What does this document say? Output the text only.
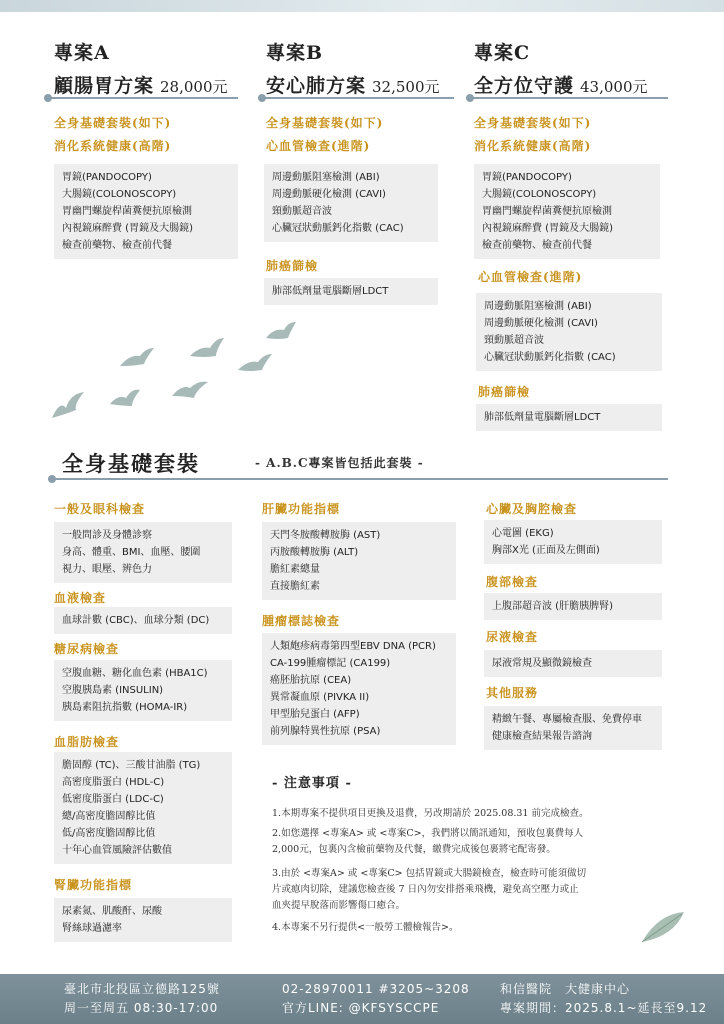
專案A
顧腸胃方案 28,000元
專案B
安心肺方案 32,500元
專案C
全方位守護 43,000元
全身基礎套裝(如下)
消化系統健康(高階)
胃鏡(PANDOCOPY)
大腸鏡(COLONOSCOPY)
胃幽門螺旋桿菌糞便抗原檢測
內視鏡麻醉費 (胃鏡及大腸鏡)
檢查前藥物、檢查前代餐
全身基礎套裝(如下)
心血管檢查(進階)
周邊動脈阻塞檢測 (ABI)
周邊動脈硬化檢測 (CAVI)
頸動脈超音波
心臟冠狀動脈鈣化指數 (CAC)
肺癌篩檢
肺部低劑量電腦斷層LDCT
全身基礎套裝(如下)
消化系統健康(高階)
胃鏡(PANDOCOPY)
大腸鏡(COLONOSCOPY)
胃幽門螺旋桿菌糞便抗原檢測
內視鏡麻醉費 (胃鏡及大腸鏡)
檢查前藥物、檢查前代餐
心血管檢查(進階)
周邊動脈阻塞檢測 (ABI)
周邊動脈硬化檢測 (CAVI)
頸動脈超音波
心臟冠狀動脈鈣化指數 (CAC)
肺癌篩檢
肺部低劑量電腦斷層LDCT
全身基礎套裝	- A.B.C專案皆包括此套裝 -
一般及眼科檢查
一般問診及身體診察
身高、體重、BMI、血壓、腰圍
視力、眼壓、辨色力
血液檢查
血球計數 (CBC)、血球分類 (DC)
糖尿病檢查
空腹血糖、糖化血色素 (HBA1C)
空腹胰島素 (INSULIN)
胰島素阻抗指數 (HOMA-IR)
血脂肪檢查
膽固醇 (TC)、三酸甘油脂 (TG)
高密度脂蛋白 (HDL-C)
低密度脂蛋白 (LDC-C)
總/高密度膽固醇比值
低/高密度膽固醇比值
十年心血管風險評估數值
腎臟功能指標
尿素氮、肌酸酐、尿酸
腎絲球過濾率
肝臟功能指標
天門冬胺酸轉胺脢 (AST)
丙胺酸轉胺脢 (ALT)
膽紅素總量
直接膽紅素
腫瘤標誌檢查
人類皰疹病毒第四型EBV DNA (PCR)
CA-199腫瘤標記 (CA199)
癌胚胎抗原 (CEA)
異常凝血原 (PIVKA II)
甲型胎兒蛋白 (AFP)
前列腺特異性抗原 (PSA)
心臟及胸腔檢查
心電圖 (EKG)
胸部X光 (正面及左側面)
腹部檢查
上腹部超音波 (肝膽胰脾腎)
尿液檢查
尿液常規及顯微鏡檢查
其他服務
精緻午餐、專屬檢查服、免費停車
健康檢查結果報告諮詢
- 注意事項 -
1.本期專案不提供項目更換及退費，另改期請於 2025.08.31 前完成檢查。
2.如您選擇 <專案A> 或 <專案C>，我們將以簡訊通知，預收包裏費每人
2,000元，包裏內含檢前藥物及代餐，繳費完成後包裹將宅配寄發。
3.由於 <專案A> 或 <專案C> 包括胃鏡或大腸鏡檢查，檢查時可能須做切
片或瘜肉切除，建議您檢查後 7 日內勿安排搭乘飛機，避免高空壓力或止
血夾提早脫落而影響傷口癒合。
4.本專案不另行提供<一般勞工體檢報告>。
臺北市北投區立德路125號
周一至周五 08:30-17:00
02-28970011 #3205~3208
官方LINE: @KFSYSCCPE
和信醫院　大健康中心
專案期間：2025.8.1~延長至9.12
